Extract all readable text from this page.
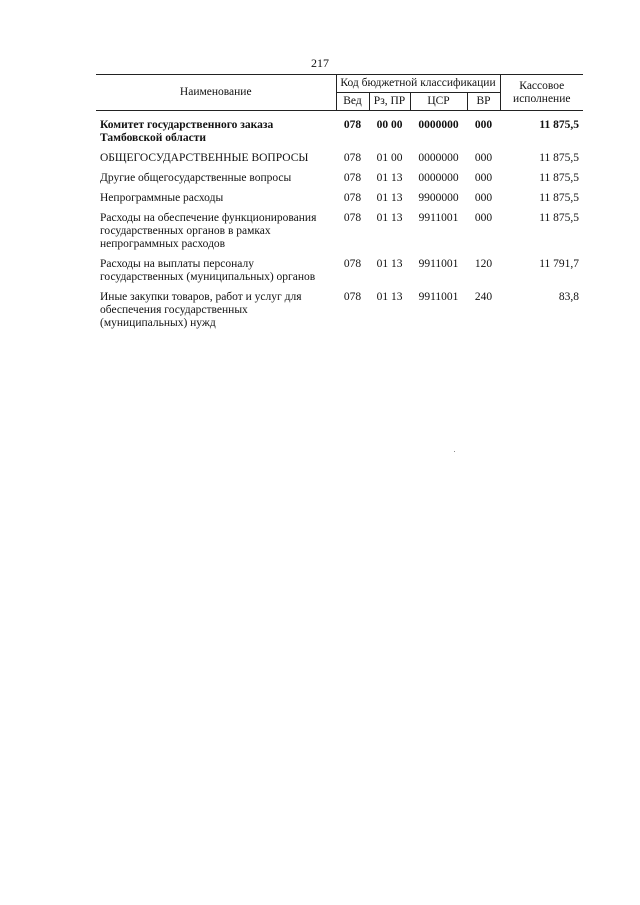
217
Наименование	Код бюджетной классификации				Кассовое исполнение
	Вед	Рз, ПР	ЦСР	ВР	
Комитет государственного заказа Тамбовской области	078	00 00	0000000	000	11 875,5
ОБЩЕГОСУДАРСТВЕННЫЕ ВОПРОСЫ	078	01 00	0000000	000	11 875,5
Другие общегосударственные вопросы	078	01 13	0000000	000	11 875,5
Непрограммные расходы	078	01 13	9900000	000	11 875,5
Расходы на обеспечение функционирования государственных органов в рамках непрограммных расходов	078	01 13	9911001	000	11 875,5
Расходы на выплаты персоналу государственных (муниципальных) органов	078	01 13	9911001	120	11 791,7
Иные закупки товаров, работ и услуг для обеспечения государственных (муниципальных) нужд	078	01 13	9911001	240	83,8
